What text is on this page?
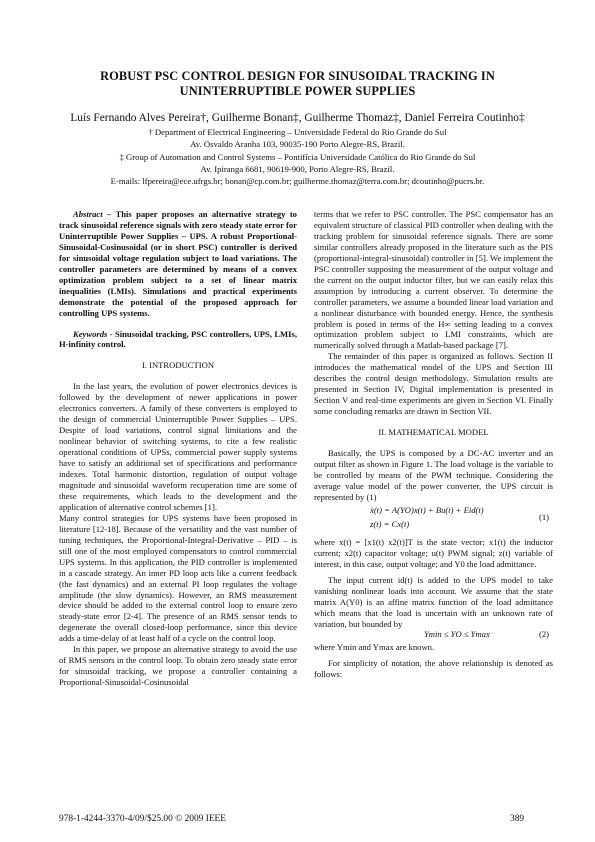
ROBUST PSC CONTROL DESIGN FOR SINUSOIDAL TRACKING IN
UNINTERRUPTIBLE POWER SUPPLIES
Luís Fernando Alves Pereira†, Guilherme Bonan‡, Guilherme Thomaz‡, Daniel Ferreira Coutinho‡
† Department of Electrical Engineering – Universidade Federal do Rio Grande do Sul
Av. Osvaldo Aranha 103, 90035-190 Porto Alegre-RS, Brazil.
‡ Group of Automation and Control Systems – Pontifícia Universidade Católica do Rio Grande do Sul
Av. Ipiranga 6681, 90619-900, Porto Alegre-RS, Brazil.
E-mails: lfpereira@ece.ufrgs.br; bonan@cp.com.br; guilherme.thomaz@terra.com.br; dcoutinho@pucrs.br.

Abstract – This paper proposes an alternative strategy to track sinusoidal reference signals with zero steady state error for Uninterruptible Power Supplies – UPS. A robust Proportional-Sinusoidal-Cosinusoidal (or in short PSC) controller is derived for sinusoidal voltage regulation subject to load variations. The controller parameters are determined by means of a convex optimization problem subject to a set of linear matrix inequalities (LMIs). Simulations and practical experiments demonstrate the potential of the proposed approach for controlling UPS systems.

Keywords - Sinusoidal tracking, PSC controllers, UPS, LMIs, H-infinity control.

I. INTRODUCTION

In the last years, the evolution of power electronics devices is followed by the development of newer applications in power electronics converters. A family of these converters is employed to the design of commercial Uninterruptible Power Supplies – UPS. Despite of load variations, control signal limitations and the nonlinear behavior of switching systems, to cite a few realistic operational conditions of UPSs, commercial power supply systems have to satisfy an additional set of specifications and performance indexes. Total harmonic distortion, regulation of output voltage magnitude and sinusoidal waveform recuperation time are some of these requirements, which leads to the development and the application of alternative control schemes [1].

Many control strategies for UPS systems have been proposed in literature [12-18]. Because of the versatility and the vast number of tuning techniques, the Proportional-Integral-Derivative – PID – is still one of the most employed compensators to control commercial UPS systems. In this application, the PID controller is implemented in a cascade strategy. An inner PD loop acts like a current feedback (the fast dynamics) and an external PI loop regulates the voltage amplitude (the slow dynamics). However, an RMS measurement device should be added to the external control loop to ensure zero steady-state error [2-4]. The presence of an RMS sensor tends to degenerate the overall closed-loop performance, since this device adds a time-delay of at least half of a cycle on the control loop.

In this paper, we propose an alternative strategy to avoid the use of RMS sensors in the control loop. To obtain zero steady state error for sinusoidal tracking, we propose a controller containing a Proportional-Sinusoidal-Cosinusoidal

terms that we refer to PSC controller. The PSC compensator has an equivalent structure of classical PID controller when dealing with the tracking problem for sinusoidal reference signals. There are some similar controllers already proposed in the literature such as the PIS (proportional-integral-sinusoidal) controller in [5]. We implement the PSC controller supposing the measurement of the output voltage and the current on the output inductor filter, but we can easily relax this assumption by introducing a current observer. To determine the controller parameters, we assume a bounded linear load variation and a nonlinear disturbance with bounded energy. Hence, the synthesis problem is posed in terms of the H∞ setting leading to a convex optimization problem subject to LMI constraints, which are numerically solved through a Matlab-based package [7].

The remainder of this paper is organized as follows. Section II introduces the mathematical model of the UPS and Section III describes the control design methodology. Simulation results are presented in Section IV, Digital implementation is presented in Section V and real-time experiments are given in Section VI. Finally some concluding remarks are drawn in Section VII.

II. MATHEMATICAL MODEL

Basically, the UPS is composed by a DC-AC inverter and an output filter as shown in Figure 1. The load voltage is the variable to be controlled by means of the PWM technique. Considering the average value model of the power converter, the UPS circuit is represented by (1)

ẋ(t) = A(YO)x(t) + Bu(t) + Eid(t)
z(t) = Cx(t)
(1)

where x(t) = [x1(t) x2(t)]T is the state vector; x1(t) the inductor current; x2(t) capacitor voltage; u(t) PWM signal; z(t) variable of interest, in this case, output voltage; and Y0 the load admittance.

The input current id(t) is added to the UPS model to take vanishing nonlinear loads into account. We assume that the state matrix A(Y0) is an affine matrix function of the load admittance which means that the load is uncertain with an unknown rate of variation, but bounded by

Ymin ≤ YO ≤ Ymax	(2)

where Ymin and Ymax are known.

For simplicity of notation, the above relationship is denoted as follows:

978-1-4244-3370-4/09/$25.00 © 2009 IEEE	389
